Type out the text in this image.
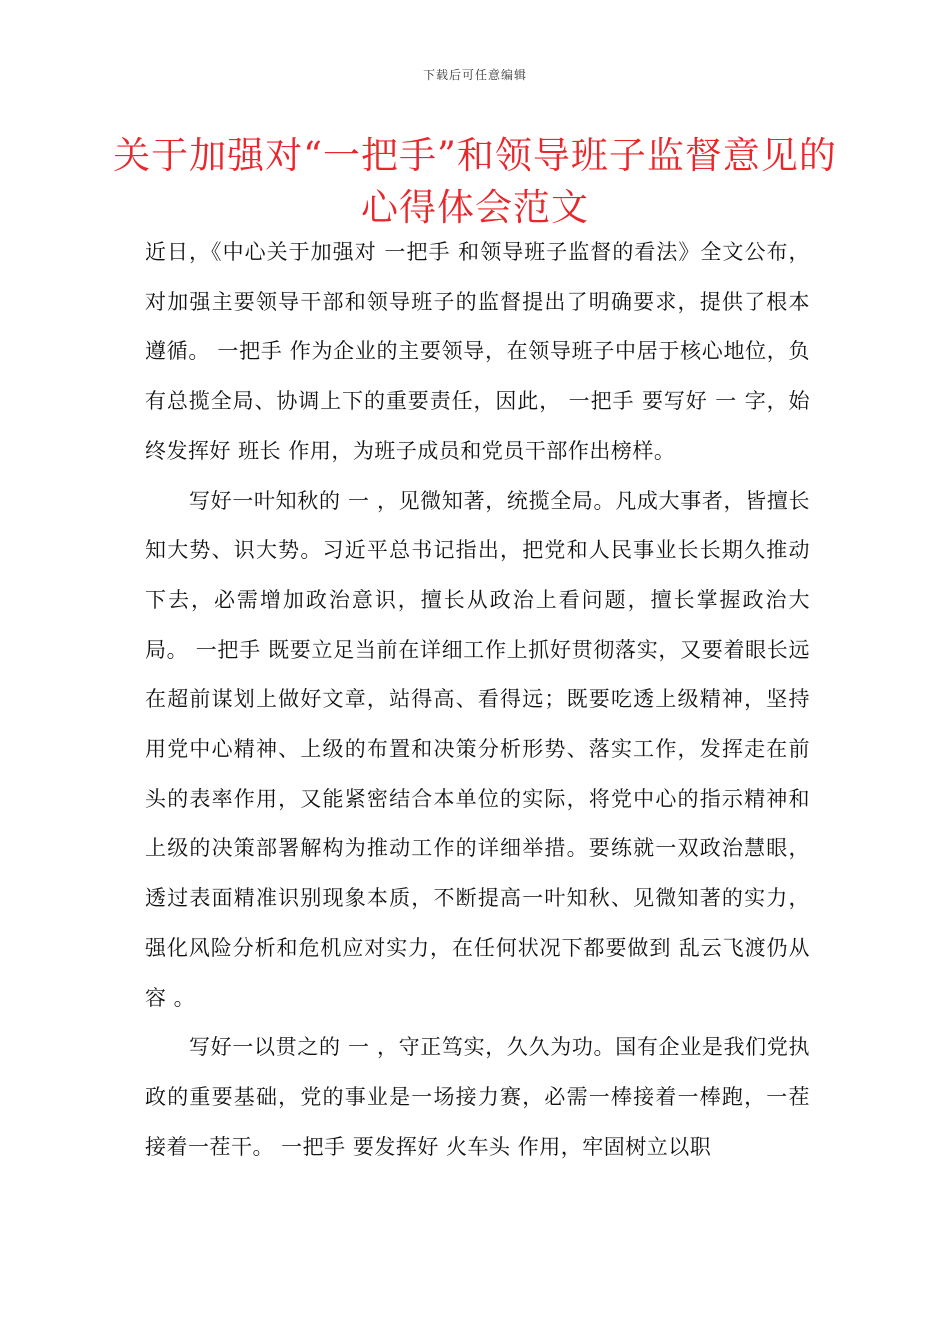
下载后可任意编辑
关于加强对“一把手”和领导班子监督意见的心得体会范文

近日，《中心关于加强对 一把手 和领导班子监督的看法》全文公布，对加强主要领导干部和领导班子的监督提出了明确要求，提供了根本遵循。 一把手 作为企业的主要领导，在领导班子中居于核心地位，负有总揽全局、协调上下的重要责任，因此， 一把手 要写好 一 字，始终发挥好 班长 作用，为班子成员和党员干部作出榜样。

写好一叶知秋的 一 ，见微知著，统揽全局。凡成大事者，皆擅长知大势、识大势。习近平总书记指出，把党和人民事业长长期久推动下去，必需增加政治意识，擅长从政治上看问题，擅长掌握政治大局。 一把手 既要立足当前在详细工作上抓好贯彻落实，又要着眼长远在超前谋划上做好文章，站得高、看得远；既要吃透上级精神，坚持用党中心精神、上级的布置和决策分析形势、落实工作，发挥走在前头的表率作用，又能紧密结合本单位的实际，将党中心的指示精神和上级的决策部署解构为推动工作的详细举措。要练就一双政治慧眼，透过表面精准识别现象本质，不断提高一叶知秋、见微知著的实力，强化风险分析和危机应对实力，在任何状况下都要做到 乱云飞渡仍从容 。

写好一以贯之的 一 ，守正笃实，久久为功。国有企业是我们党执政的重要基础，党的事业是一场接力赛，必需一棒接着一棒跑，一茬接着一茬干。 一把手 要发挥好 火车头 作用，牢固树立以职
